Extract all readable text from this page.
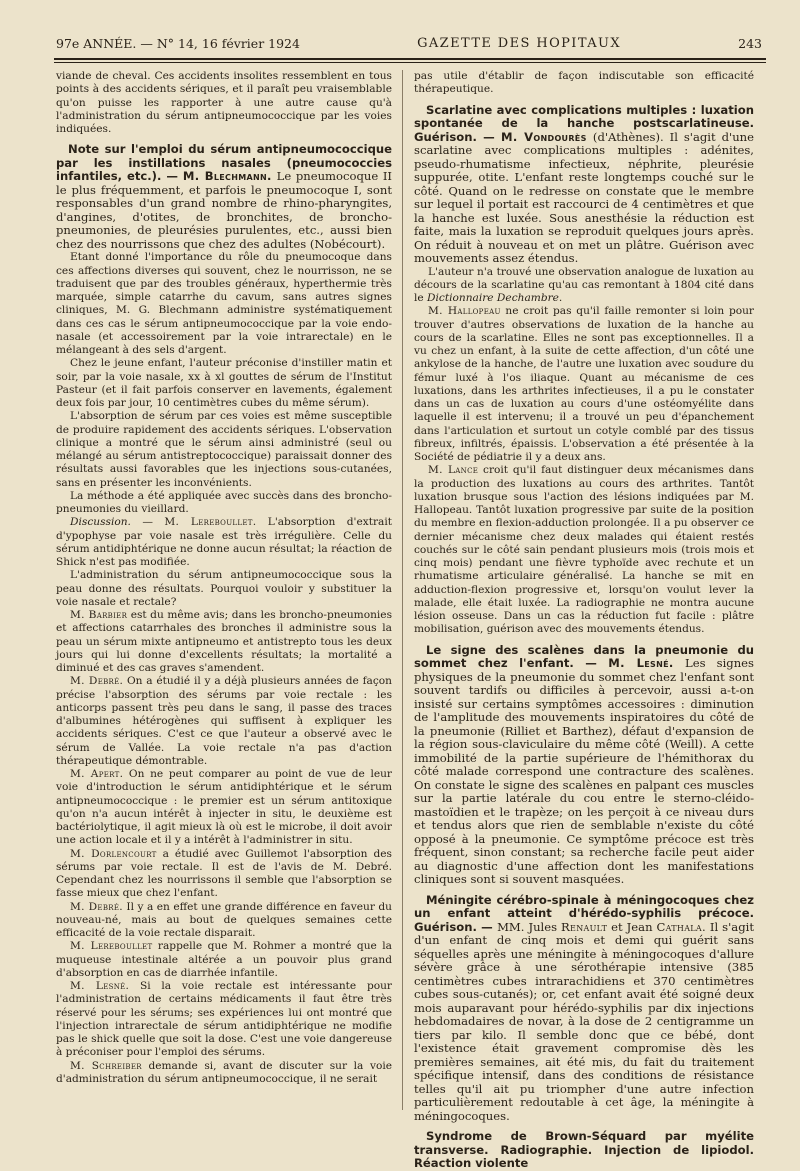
97e ANNÉE. — N° 14, 16 février 1924	GAZETTE DES HOPITAUX	243

viande de cheval. Ces accidents insolites ressemblent en tous points à des accidents sériques, et il paraît peu vraisemblable qu'on puisse les rapporter à une autre cause qu'à l'administration du sérum antipneumococcique par les voies indiquées.

Note sur l'emploi du sérum antipneumococcique par les instillations nasales (pneumococcies infantiles, etc.). — M. Blechmann. Le pneumocoque II le plus fréquemment, et parfois le pneumocoque I, sont responsables d'un grand nombre de rhino-pharyngites, d'angines, d'otites, de bronchites, de broncho-pneumonies, de pleurésies purulentes, etc., aussi bien chez des nourrissons que chez des adultes (Nobécourt).

Etant donné l'importance du rôle du pneumocoque dans ces affections diverses qui souvent, chez le nourrisson, ne se traduisent que par des troubles généraux, hyperthermie très marquée, simple catarrhe du cavum, sans autres signes cliniques, M. G. Blechmann administre systématiquement dans ces cas le sérum antipneumococcique par la voie endo-nasale (et accessoirement par la voie intrarectale) en le mélangeant à des sels d'argent.

Chez le jeune enfant, l'auteur préconise d'instiller matin et soir, par la voie nasale, xx à xl gouttes de sérum de l'Institut Pasteur (et il fait parfois conserver en lavements, également deux fois par jour, 10 centimètres cubes du même sérum).

L'absorption de sérum par ces voies est même susceptible de produire rapidement des accidents sériques. L'observation clinique a montré que le sérum ainsi administré (seul ou mélangé au sérum antistreptococcique) paraissait donner des résultats aussi favorables que les injections sous-cutanées, sans en présenter les inconvénients.

La méthode a été appliquée avec succès dans des broncho-pneumonies du vieillard.

Discussion. — M. Lereboullet. L'absorption d'extrait d'ypophyse par voie nasale est très irrégulière. Celle du sérum antidiphtérique ne donne aucun résultat; la réaction de Shick n'est pas modifiée.

L'administration du sérum antipneumococcique sous la peau donne des résultats. Pourquoi vouloir y substituer la voie nasale et rectale?

M. Barbier est du même avis; dans les broncho-pneumonies et affections catarrhales des bronches il administre sous la peau un sérum mixte antipneumo et antistrepto tous les deux jours qui lui donne d'excellents résultats; la mortalité a diminué et des cas graves s'amendent.

M. Debré. On a étudié il y a déjà plusieurs années de façon précise l'absorption des sérums par voie rectale : les anticorps passent très peu dans le sang, il passe des traces d'albumines hétérogènes qui suffisent à expliquer les accidents sériques. C'est ce que l'auteur a observé avec le sérum de Vallée. La voie rectale n'a pas d'action thérapeutique démontrable.

M. Apert. On ne peut comparer au point de vue de leur voie d'introduction le sérum antidiphtérique et le sérum antipneumococcique : le premier est un sérum antitoxique qu'on n'a aucun intérêt à injecter in situ, le deuxième est bactériolytique, il agit mieux là où est le microbe, il doit avoir une action locale et il y a intérêt à l'administrer in situ.

M. Dorlencourt a étudié avec Guillemot l'absorption des sérums par voie rectale. Il est de l'avis de M. Debré. Cependant chez les nourrissons il semble que l'absorption se fasse mieux que chez l'enfant.

M. Debré. Il y a en effet une grande différence en faveur du nouveau-né, mais au bout de quelques semaines cette efficacité de la voie rectale disparait.

M. Lereboullet rappelle que M. Rohmer a montré que la muqueuse intestinale altérée a un pouvoir plus grand d'absorption en cas de diarrhée infantile.

M. Lesné. Si la voie rectale est intéressante pour l'administration de certains médicaments il faut être très réservé pour les sérums; ses expériences lui ont montré que l'injection intrarectale de sérum antidiphtérique ne modifie pas le shick quelle que soit la dose. C'est une voie dangereuse à préconiser pour l'emploi des sérums.

M. Schreiber demande si, avant de discuter sur la voie d'administration du sérum antipneumococcique, il ne serait

pas utile d'établir de façon indiscutable son efficacité thérapeutique.

Scarlatine avec complications multiples : luxation spontanée de la hanche postscarlatineuse. Guérison. — M. Vondourès (d'Athènes). Il s'agit d'une scarlatine avec complications multiples : adénites, pseudo-rhumatisme infectieux, néphrite, pleurésie suppurée, otite. L'enfant reste longtemps couché sur le côté. Quand on le redresse on constate que le membre sur lequel il portait est raccourci de 4 centimètres et que la hanche est luxée. Sous anesthésie la réduction est faite, mais la luxation se reproduit quelques jours après. On réduit à nouveau et on met un plâtre. Guérison avec mouvements assez étendus.

L'auteur n'a trouvé une observation analogue de luxation au décours de la scarlatine qu'au cas remontant à 1804 cité dans le Dictionnaire Dechambre.

M. Hallopeau ne croit pas qu'il faille remonter si loin pour trouver d'autres observations de luxation de la hanche au cours de la scarlatine. Elles ne sont pas exceptionnelles. Il a vu chez un enfant, à la suite de cette affection, d'un côté une ankylose de la hanche, de l'autre une luxation avec soudure du fémur luxé à l'os iliaque. Quant au mécanisme de ces luxations, dans les arthrites infectieuses, il a pu le constater dans un cas de luxation au cours d'une ostéomyélite dans laquelle il est intervenu; il a trouvé un peu d'épanchement dans l'articulation et surtout un cotyle comblé par des tissus fibreux, infiltrés, épaissis. L'observation a été présentée à la Société de pédiatrie il y a deux ans.

M. Lance croit qu'il faut distinguer deux mécanismes dans la production des luxations au cours des arthrites. Tantôt luxation brusque sous l'action des lésions indiquées par M. Hallopeau. Tantôt luxation progressive par suite de la position du membre en flexion-adduction prolongée. Il a pu observer ce dernier mécanisme chez deux malades qui étaient restés couchés sur le côté sain pendant plusieurs mois (trois mois et cinq mois) pendant une fièvre typhoïde avec rechute et un rhumatisme articulaire généralisé. La hanche se mit en adduction-flexion progressive et, lorsqu'on voulut lever la malade, elle était luxée. La radiographie ne montra aucune lésion osseuse. Dans un cas la réduction fut facile : plâtre mobilisation, guérison avec des mouvements étendus.

Le signe des scalènes dans la pneumonie du sommet chez l'enfant. — M. Lesné. Les signes physiques de la pneumonie du sommet chez l'enfant sont souvent tardifs ou difficiles à percevoir, aussi a-t-on insisté sur certains symptômes accessoires : diminution de l'amplitude des mouvements inspiratoires du côté de la pneumonie (Rilliet et Barthez), défaut d'expansion de la région sous-claviculaire du même côté (Weill). A cette immobilité de la partie supérieure de l'hémithorax du côté malade correspond une contracture des scalènes. On constate le signe des scalènes en palpant ces muscles sur la partie latérale du cou entre le sterno-cléido-mastoïdien et le trapèze; on les perçoit à ce niveau durs et tendus alors que rien de semblable n'existe du côté opposé à la pneumonie. Ce symptôme précoce est très fréquent, sinon constant; sa recherche facile peut aider au diagnostic d'une affection dont les manifestations cliniques sont si souvent masquées.
Méningite cérébro-spinale à méningocoques chez un enfant atteint d'hérédo-syphilis précoce. Guérison. — MM. Jules Renault et Jean Cathala. Il s'agit d'un enfant de cinq mois et demi qui guérit sans séquelles après une méningite à méningocoques d'allure sévère grâce à une sérothérapie intensive (385 centimètres cubes intrarachidiens et 370 centimètres cubes sous-cutanés); or, cet enfant avait été soigné deux mois auparavant pour hérédo-syphilis par dix injections hebdomadaires de novar, à la dose de 2 centigramme un tiers par kilo. Il semble donc que ce bébé, dont l'existence était gravement compromise dès les premières semaines, ait été mis, du fait du traitement spécifique intensif, dans des conditions de résistance telles qu'il ait pu triompher d'une autre infection particulièrement redoutable à cet âge, la méningite à méningocoques.
Syndrome de Brown-Séquard par myélite transverse. Radiographie. Injection de lipiodol. Réaction violente
